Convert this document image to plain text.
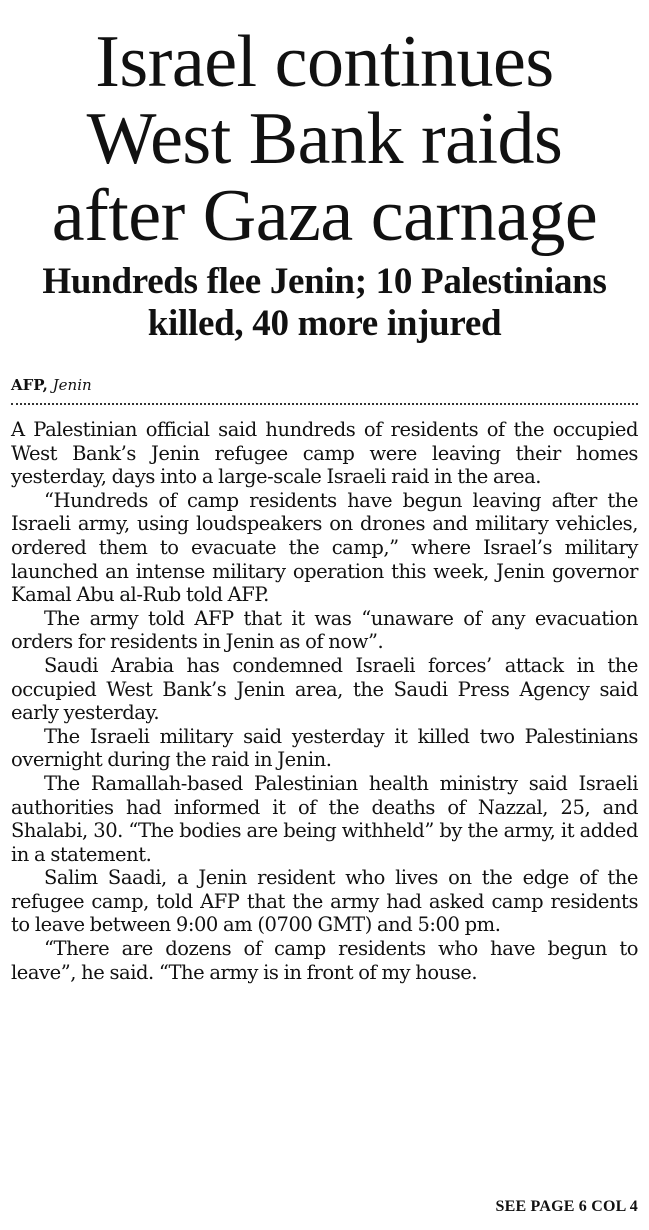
Israel continues
West Bank raids
after Gaza carnage
Hundreds flee Jenin; 10 Palestinians
killed, 40 more injured
AFP, Jenin

A Palestinian official said hundreds of residents of the occupied West Bank’s Jenin refugee camp were leaving their homes yesterday, days into a large-scale Israeli raid in the area.

“Hundreds of camp residents have begun leaving after the Israeli army, using loudspeakers on drones and military vehicles, ordered them to evacuate the camp,” where Israel’s military launched an intense military operation this week, Jenin governor Kamal Abu al-Rub told AFP.

The army told AFP that it was “unaware of any evacuation orders for residents in Jenin as of now”.

Saudi Arabia has condemned Israeli forces’ attack in the occupied West Bank’s Jenin area, the Saudi Press Agency said early yesterday.

The Israeli military said yesterday it killed two Palestinians overnight during the raid in Jenin.

The Ramallah-based Palestinian health ministry said Israeli authorities had informed it of the deaths of Nazzal, 25, and Shalabi, 30. “The bodies are being withheld” by the army, it added in a statement.

Salim Saadi, a Jenin resident who lives on the edge of the refugee camp, told AFP that the army had asked camp residents to leave between 9:00 am (0700 GMT) and 5:00 pm.

“There are dozens of camp residents who have begun to leave”, he said. “The army is in front of my house.

SEE PAGE 6 COL 4
